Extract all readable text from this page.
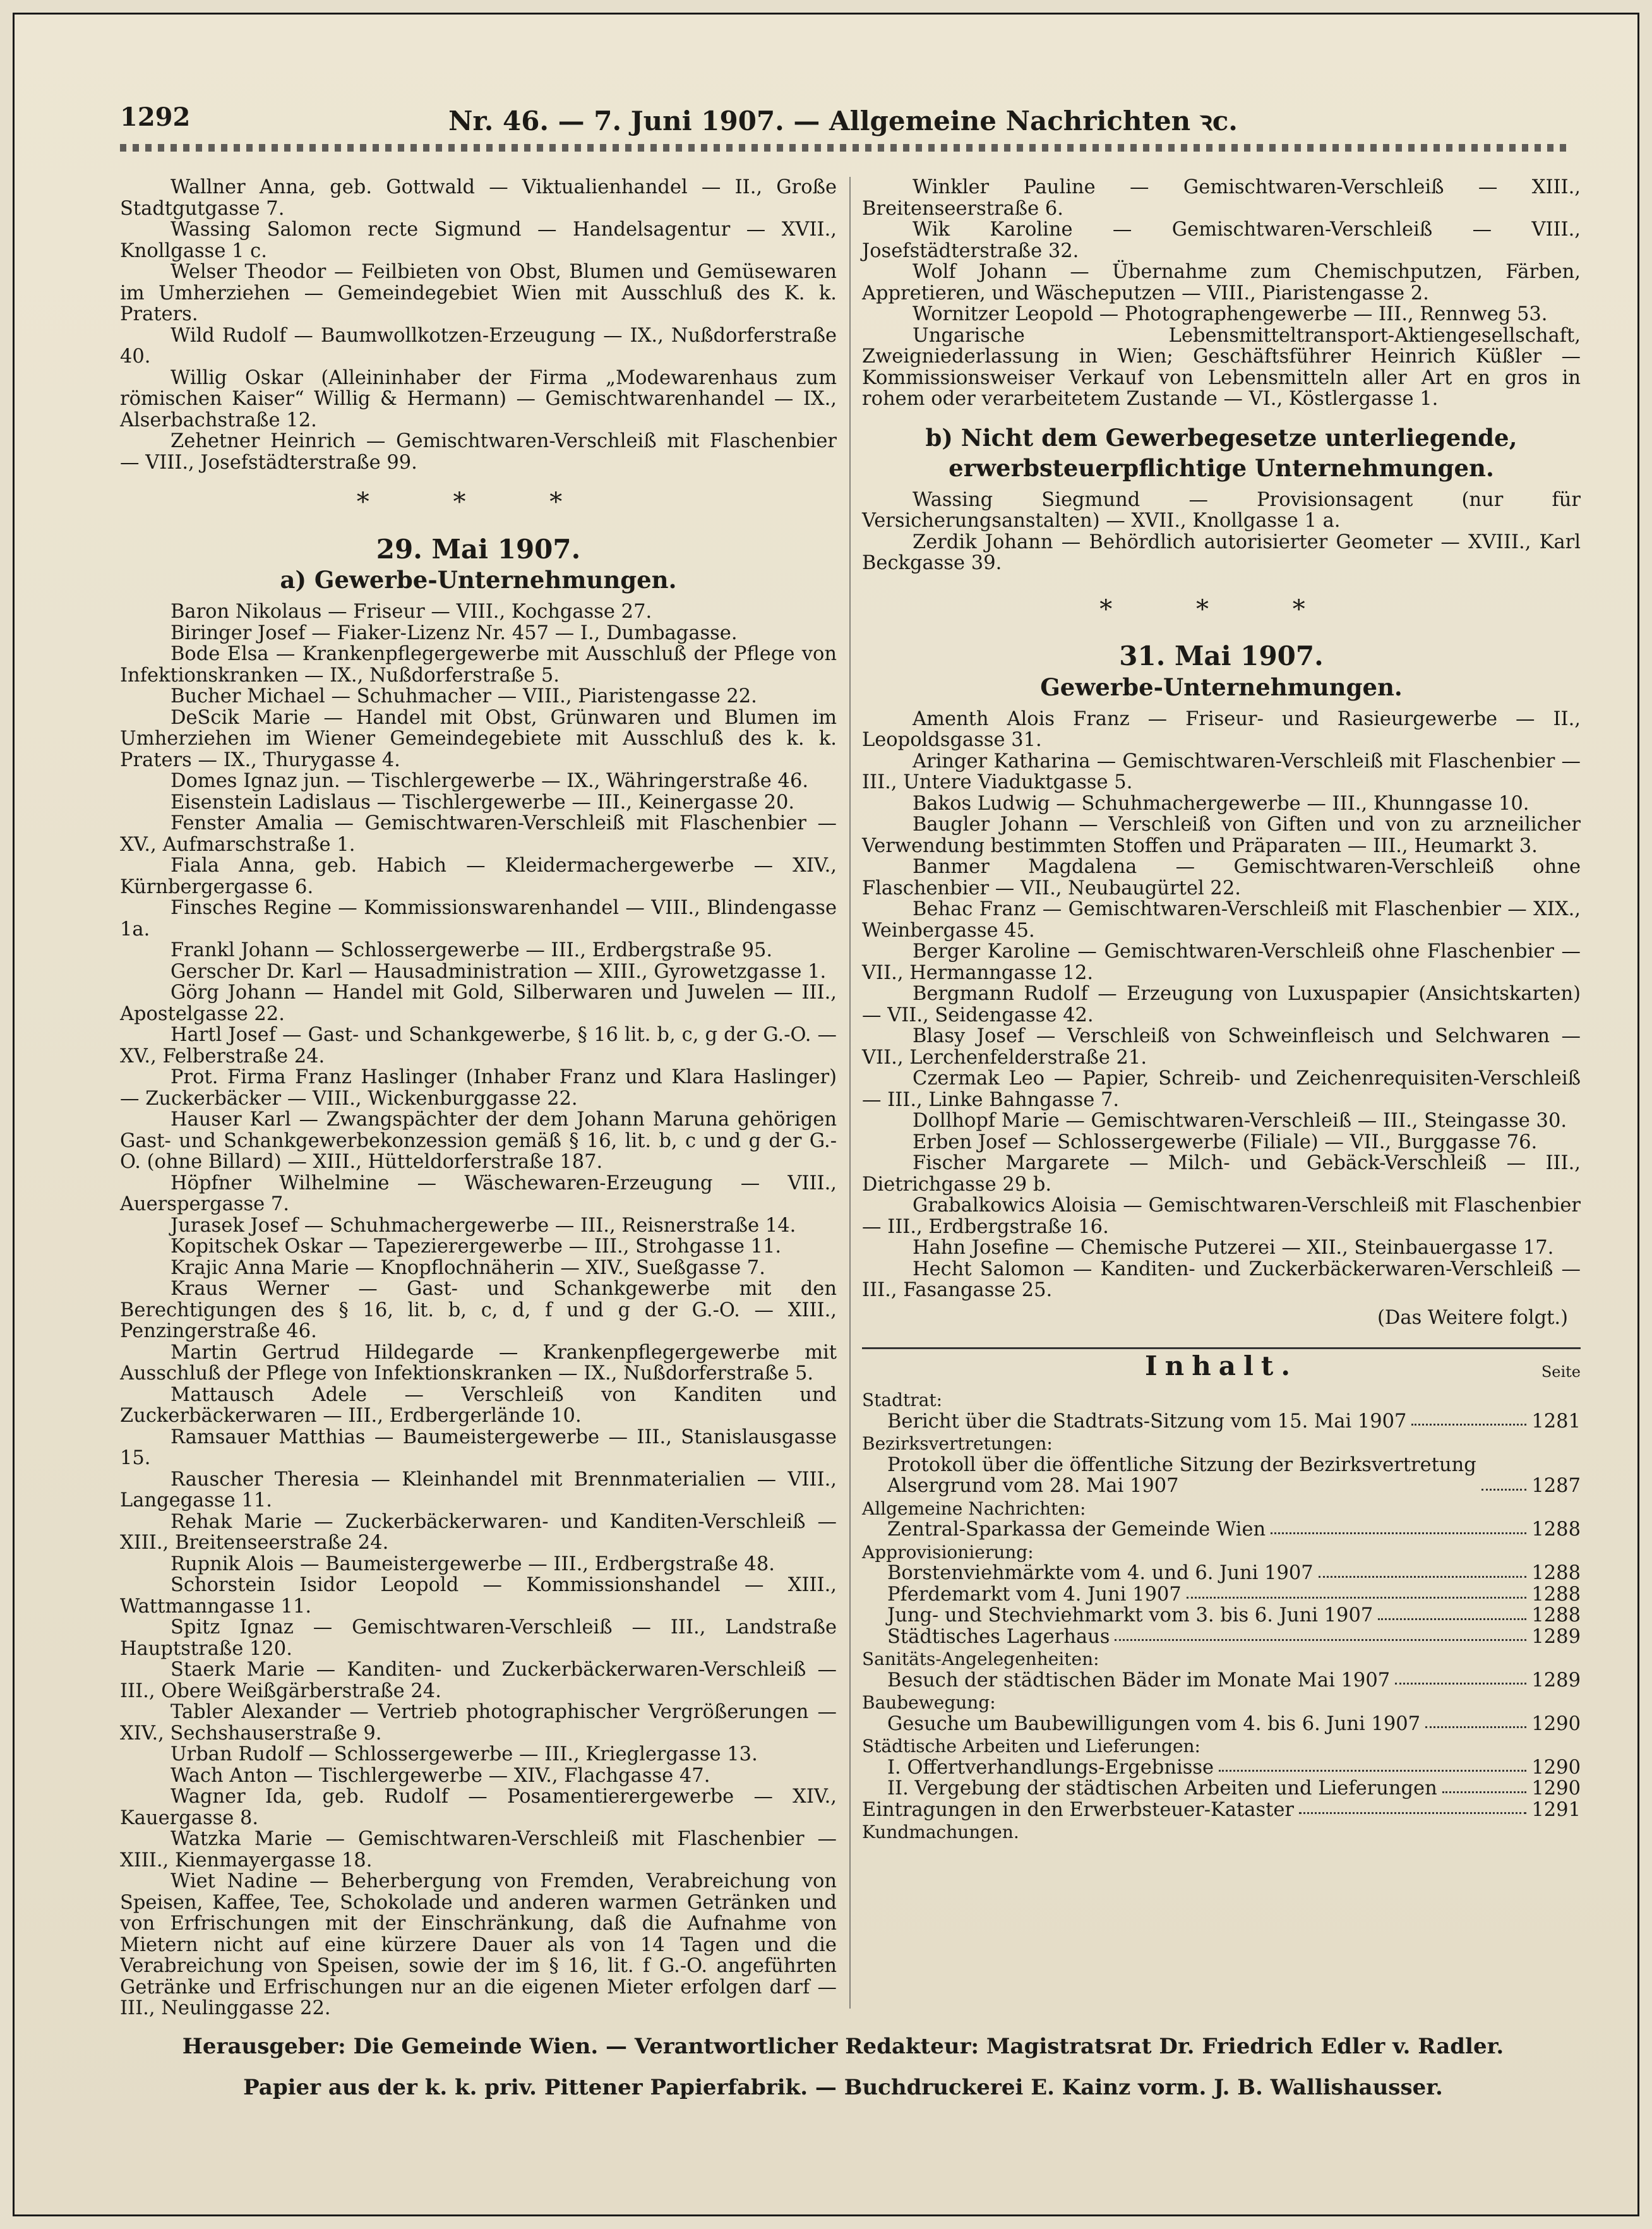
Nr. 46. — 7. Juni 1907. — Allgemeine Nachrichten ꝛc.
1292

Wallner Anna, geb. Gottwald — Viktualienhandel — II., Große Stadtgutgasse 7.

Wassing Salomon recte Sigmund — Handelsagentur — XVII., Knollgasse 1 c.

Welser Theodor — Feilbieten von Obst, Blumen und Gemüsewaren im Umherziehen — Gemeindegebiet Wien mit Ausschluß des K. k. Praters.

Wild Rudolf — Baumwollkotzen-Erzeugung — IX., Nußdorferstraße 40.

Willig Oskar (Alleininhaber der Firma „Modewarenhaus zum römischen Kaiser“ Willig & Hermann) — Gemischtwarenhandel — IX., Alserbachstraße 12.

Zehetner Heinrich — Gemischtwaren-Verschleiß mit Flaschenbier — VIII., Josefstädterstraße 99.

* * *
29. Mai 1907.
a) Gewerbe-Unternehmungen.

Baron Nikolaus — Friseur — VIII., Kochgasse 27.

Biringer Josef — Fiaker-Lizenz Nr. 457 — I., Dumbagasse.

Bode Elsa — Krankenpflegergewerbe mit Ausschluß der Pflege von Infektionskranken — IX., Nußdorferstraße 5.

Bucher Michael — Schuhmacher — VIII., Piaristengasse 22.

DeScik Marie — Handel mit Obst, Grünwaren und Blumen im Umherziehen im Wiener Gemeindegebiete mit Ausschluß des k. k. Praters — IX., Thurygasse 4.

Domes Ignaz jun. — Tischlergewerbe — IX., Währingerstraße 46.

Eisenstein Ladislaus — Tischlergewerbe — III., Keinergasse 20.

Fenster Amalia — Gemischtwaren-Verschleiß mit Flaschenbier — XV., Aufmarschstraße 1.

Fiala Anna, geb. Habich — Kleidermachergewerbe — XIV., Kürnbergergasse 6.

Finsches Regine — Kommissionswarenhandel — VIII., Blindengasse 1a.

Frankl Johann — Schlossergewerbe — III., Erdbergstraße 95.

Gerscher Dr. Karl — Hausadministration — XIII., Gyrowetzgasse 1.

Görg Johann — Handel mit Gold, Silberwaren und Juwelen — III., Apostelgasse 22.

Hartl Josef — Gast- und Schankgewerbe, § 16 lit. b, c, g der G.-O. — XV., Felberstraße 24.

Prot. Firma Franz Haslinger (Inhaber Franz und Klara Haslinger) — Zuckerbäcker — VIII., Wickenburggasse 22.

Hauser Karl — Zwangspächter der dem Johann Maruna gehörigen Gast- und Schankgewerbekonzession gemäß § 16, lit. b, c und g der G.-O. (ohne Billard) — XIII., Hütteldorferstraße 187.

Höpfner Wilhelmine — Wäschewaren-Erzeugung — VIII., Auerspergasse 7.

Jurasek Josef — Schuhmachergewerbe — III., Reisnerstraße 14.

Kopitschek Oskar — Tapezierergewerbe — III., Strohgasse 11.

Krajic Anna Marie — Knopflochnäherin — XIV., Sueßgasse 7.

Kraus Werner — Gast- und Schankgewerbe mit den Berechtigungen des § 16, lit. b, c, d, f und g der G.-O. — XIII., Penzingerstraße 46.

Martin Gertrud Hildegarde — Krankenpflegergewerbe mit Ausschluß der Pflege von Infektionskranken — IX., Nußdorferstraße 5.

Mattausch Adele — Verschleiß von Kanditen und Zuckerbäckerwaren — III., Erdbergerlände 10.

Ramsauer Matthias — Baumeistergewerbe — III., Stanislausgasse 15.

Rauscher Theresia — Kleinhandel mit Brennmaterialien — VIII., Langegasse 11.

Rehak Marie — Zuckerbäckerwaren- und Kanditen-Verschleiß — XIII., Breitenseerstraße 24.

Rupnik Alois — Baumeistergewerbe — III., Erdbergstraße 48.

Schorstein Isidor Leopold — Kommissionshandel — XIII., Wattmanngasse 11.

Spitz Ignaz — Gemischtwaren-Verschleiß — III., Landstraße Hauptstraße 120.

Staerk Marie — Kanditen- und Zuckerbäckerwaren-Verschleiß — III., Obere Weißgärberstraße 24.

Tabler Alexander — Vertrieb photographischer Vergrößerungen — XIV., Sechshauserstraße 9.

Urban Rudolf — Schlossergewerbe — III., Krieglergasse 13.

Wach Anton — Tischlergewerbe — XIV., Flachgasse 47.

Wagner Ida, geb. Rudolf — Posamentierergewerbe — XIV., Kauergasse 8.

Watzka Marie — Gemischtwaren-Verschleiß mit Flaschenbier — XIII., Kienmayergasse 18.

Wiet Nadine — Beherbergung von Fremden, Verabreichung von Speisen, Kaffee, Tee, Schokolade und anderen warmen Getränken und von Erfrischungen mit der Einschränkung, daß die Aufnahme von Mietern nicht auf eine kürzere Dauer als von 14 Tagen und die Verabreichung von Speisen, sowie der im § 16, lit. f G.-O. angeführten Getränke und Erfrischungen nur an die eigenen Mieter erfolgen darf — III., Neulinggasse 22.

Winkler Pauline — Gemischtwaren-Verschleiß — XIII., Breitenseerstraße 6.

Wik Karoline — Gemischtwaren-Verschleiß — VIII., Josefstädterstraße 32.

Wolf Johann — Übernahme zum Chemischputzen, Färben, Appretieren, und Wäscheputzen — VIII., Piaristengasse 2.

Wornitzer Leopold — Photographengewerbe — III., Rennweg 53.

Ungarische Lebensmitteltransport-Aktiengesellschaft, Zweigniederlassung in Wien; Geschäftsführer Heinrich Küßler — Kommissionsweiser Verkauf von Lebensmitteln aller Art en gros in rohem oder verarbeitetem Zustande — VI., Köstlergasse 1.

b) Nicht dem Gewerbegesetze unterliegende, erwerbsteuerpflichtige Unternehmungen.

Wassing Siegmund — Provisionsagent (nur für Versicherungsanstalten) — XVII., Knollgasse 1 a.

Zerdik Johann — Behördlich autorisierter Geometer — XVIII., Karl Beckgasse 39.

* * *
31. Mai 1907.
Gewerbe-Unternehmungen.

Amenth Alois Franz — Friseur- und Rasieurgewerbe — II., Leopoldsgasse 31.

Aringer Katharina — Gemischtwaren-Verschleiß mit Flaschenbier — III., Untere Viaduktgasse 5.

Bakos Ludwig — Schuhmachergewerbe — III., Khunngasse 10.

Baugler Johann — Verschleiß von Giften und von zu arzneilicher Verwendung bestimmten Stoffen und Präparaten — III., Heumarkt 3.

Banmer Magdalena — Gemischtwaren-Verschleiß ohne Flaschenbier — VII., Neubaugürtel 22.

Behac Franz — Gemischtwaren-Verschleiß mit Flaschenbier — XIX., Weinbergasse 45.

Berger Karoline — Gemischtwaren-Verschleiß ohne Flaschenbier — VII., Hermanngasse 12.

Bergmann Rudolf — Erzeugung von Luxuspapier (Ansichtskarten) — VII., Seidengasse 42.

Blasy Josef — Verschleiß von Schweinfleisch und Selchwaren — VII., Lerchenfelderstraße 21.

Czermak Leo — Papier, Schreib- und Zeichenrequisiten-Verschleiß — III., Linke Bahngasse 7.

Dollhopf Marie — Gemischtwaren-Verschleiß — III., Steingasse 30.

Erben Josef — Schlossergewerbe (Filiale) — VII., Burggasse 76.

Fischer Margarete — Milch- und Gebäck-Verschleiß — III., Dietrichgasse 29 b.

Grabalkowics Aloisia — Gemischtwaren-Verschleiß mit Flaschenbier — III., Erdbergstraße 16.

Hahn Josefine — Chemische Putzerei — XII., Steinbauergasse 17.

Hecht Salomon — Kanditen- und Zuckerbäckerwaren-Verschleiß — III., Fasangasse 25.

(Das Weitere folgt.)
Inhalt.	Seite
Stadtrat:
Bericht über die Stadtrats-Sitzung vom 15. Mai 1907	1281
Bezirksvertretungen:
Protokoll über die öffentliche Sitzung der Bezirksvertretung Alsergrund vom 28. Mai 1907	1287
Allgemeine Nachrichten:
Zentral-Sparkassa der Gemeinde Wien	1288
Approvisionierung:
Borstenviehmärkte vom 4. und 6. Juni 1907	1288
Pferdemarkt vom 4. Juni 1907	1288
Jung- und Stechviehmarkt vom 3. bis 6. Juni 1907	1288
Städtisches Lagerhaus	1289
Sanitäts-Angelegenheiten:
Besuch der städtischen Bäder im Monate Mai 1907	1289
Baubewegung:
Gesuche um Baubewilligungen vom 4. bis 6. Juni 1907	1290
Städtische Arbeiten und Lieferungen:
I. Offertverhandlungs-Ergebnisse	1290
II. Vergebung der städtischen Arbeiten und Lieferungen	1290
Eintragungen in den Erwerbsteuer-Kataster	1291
Kundmachungen.
Herausgeber: Die Gemeinde Wien. — Verantwortlicher Redakteur: Magistratsrat Dr. Friedrich Edler v. Radler.
Papier aus der k. k. priv. Pittener Papierfabrik. — Buchdruckerei E. Kainz vorm. J. B. Wallishausser.
